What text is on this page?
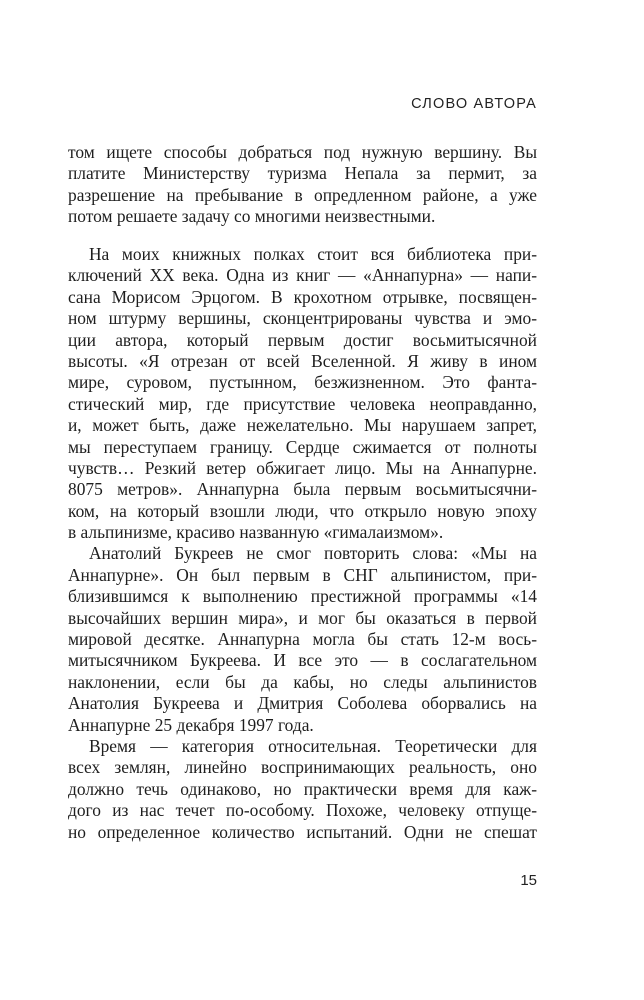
СЛОВО АВТОРА
том ищете способы добраться под нужную вершину. Вы
платите Министерству туризма Непала за пермит, за
разрешение на пребывание в опредленном районе, а уже
потом решаете задачу со многими неизвестными.
На моих книжных полках стоит вся библиотека при-
ключений XX века. Одна из книг — «Аннапурна» — напи-
сана Морисом Эрцогом. В крохотном отрывке, посвящен-
ном штурму вершины, сконцентрированы чувства и эмо-
ции автора, который первым достиг восьмитысячной
высоты. «Я отрезан от всей Вселенной. Я живу в ином
мире, суровом, пустынном, безжизненном. Это фанта-
стический мир, где присутствие человека неоправданно,
и, может быть, даже нежелательно. Мы нарушаем запрет,
мы переступаем границу. Сердце сжимается от полноты
чувств… Резкий ветер обжигает лицо. Мы на Аннапурне.
8075 метров». Аннапурна была первым восьмитысячни-
ком, на который взошли люди, что открыло новую эпоху
в альпинизме, красиво названную «гималаизмом».
Анатолий Букреев не смог повторить слова: «Мы на
Аннапурне». Он был первым в СНГ альпинистом, при-
близившимся к выполнению престижной программы «14
высочайших вершин мира», и мог бы оказаться в первой
мировой десятке. Аннапурна могла бы стать 12-м вось-
митысячником Букреева. И все это — в сослагательном
наклонении, если бы да кабы, но следы альпинистов
Анатолия Букреева и Дмитрия Соболева оборвались на
Аннапурне 25 декабря 1997 года.
Время — категория относительная. Теоретически для
всех землян, линейно воспринимающих реальность, оно
должно течь одинаково, но практически время для каж-
дого из нас течет по-особому. Похоже, человеку отпуще-
но определенное количество испытаний. Одни не спешат
15
